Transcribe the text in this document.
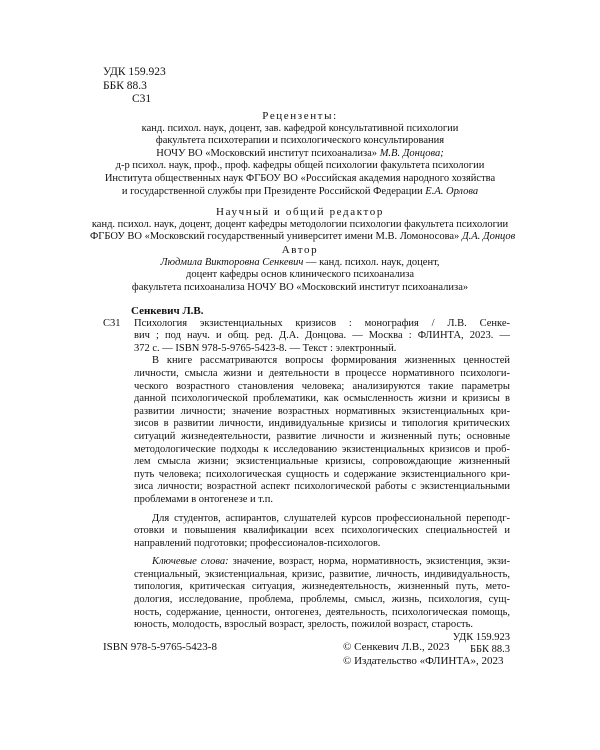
УДК 159.923
ББК 88.3
С31
Рецензенты:
канд. психол. наук, доцент, зав. кафедрой консультативной психологии
факультета психотерапии и психологического консультирования
НОЧУ ВО «Московский институт психоанализа» М.В. Донцова;
д-р психол. наук, проф., проф. кафедры общей психологии факультета психологии
Института общественных наук ФГБОУ ВО «Российская академия народного хозяйства
и государственной службы при Президенте Российской Федерации Е.А. Орлова
Научный и общий редактор
канд. психол. наук, доцент, доцент кафедры методологии психологии факультета психологии
ФГБОУ ВО «Московский государственный университет имени М.В. Ломоносова» Д.А. Донцов
Автор
Людмила Викторовна Сенкевич — канд. психол. наук, доцент,
доцент кафедры основ клинического психоанализа
факультета психоанализа НОЧУ ВО «Московский институт психоанализа»
Сенкевич Л.В.
С31 Психология экзистенциальных кризисов : монография / Л.В. Сенке-
вич ; под науч. и общ. ред. Д.А. Донцова. — Москва : ФЛИНТА, 2023. —
372 с. — ISBN 978-5-9765-5423-8. — Текст : электронный.
В книге рассматриваются вопросы формирования жизненных ценностей
личности, смысла жизни и деятельности в процессе нормативного психологи-
ческого возрастного становления человека; анализируются такие параметры
данной психологической проблематики, как осмысленность жизни и кризисы в
развитии личности; значение возрастных нормативных экзистенциальных кри-
зисов в развитии личности, индивидуальные кризисы и типология критических
ситуаций жизнедеятельности, развитие личности и жизненный путь; основные
методологические подходы к исследованию экзистенциальных кризисов и проб-
лем смысла жизни; экзистенциальные кризисы, сопровождающие жизненный
путь человека; психологическая сущность и содержание экзистенциального кри-
зиса личности; возрастной аспект психологической работы с экзистенциальными
проблемами в онтогенезе и т.п.
Для студентов, аспирантов, слушателей курсов профессиональной переподг-
отовки и повышения квалификации всех психологических специальностей и
направлений подготовки; профессионалов-психологов.
Ключевые слова: значение, возраст, норма, нормативность, экзистенция, экзи-
стенциальный, экзистенциальная, кризис, развитие, личность, индивидуальность,
типология, критическая ситуация, жизнедеятельность, жизненный путь, мето-
дология, исследование, проблема, проблемы, смысл, жизнь, психология, сущ-
ность, содержание, ценности, онтогенез, деятельность, психологическая помощь,
юность, молодость, взрослый возраст, зрелость, пожилой возраст, старость.
УДК 159.923
ББК 88.3
ISBN 978-5-9765-5423-8	© Сенкевич Л.В., 2023
© Издательство «ФЛИНТА», 2023
